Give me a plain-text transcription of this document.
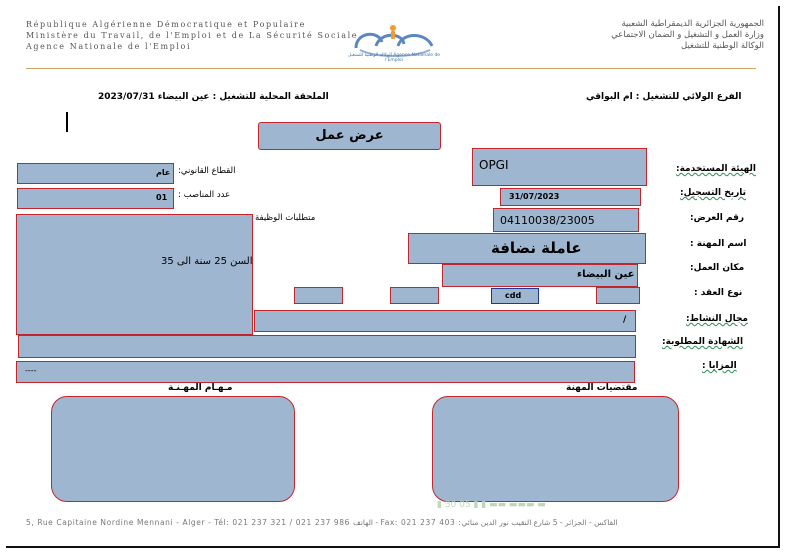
République Algérienne Démocratique et Populaire
Ministère du Travail, de l'Emploi et de La Sécurité Sociale
Agence Nationale de l'Emploi
الوكالة الوطنية للتشغيل Agence Nationale de l'Emploi
الجمهورية الجزائرية الديمقراطية الشعبية
وزارة العمل و التشغيل و الضمان الاجتماعي
الوكالة الوطنية للتشغيل
الفرع الولائي للتشغيل : ام البواقي
الملحقة المحلية للتشغيل : عين البيضاء 2023/07/31
عرض عمل
الهيئة المستخدمة:
تاريخ التسجيل:
رقم العرض:
اسم المهنة :
مكان العمل:
نوع العقد :
مجال النشاط:
الشهادة المطلوبة:
المزايا :
OPGI
31/07/2023
04110038/23005
عاملة نضافة
عين البيضاء
cdd
/
----
عام القطاع القانوني:
01 عدد المناصب :
متطلبات الوظيفة
السن 25 سنة الى 35
مـهـام المهـنـة	مقتضيات المهنة
▮ 30 05 ▮ ▮ ▬▬ ▬▬▬ ▬
5, Rue Capitaine Nordine Mennani - Alger - Tél: 021 237 321 / 021 237 986 الهاتف - Fax: 021 237 403 :الفاكس - الجزائر - 5 شارع النقيب نور الدين منائي
